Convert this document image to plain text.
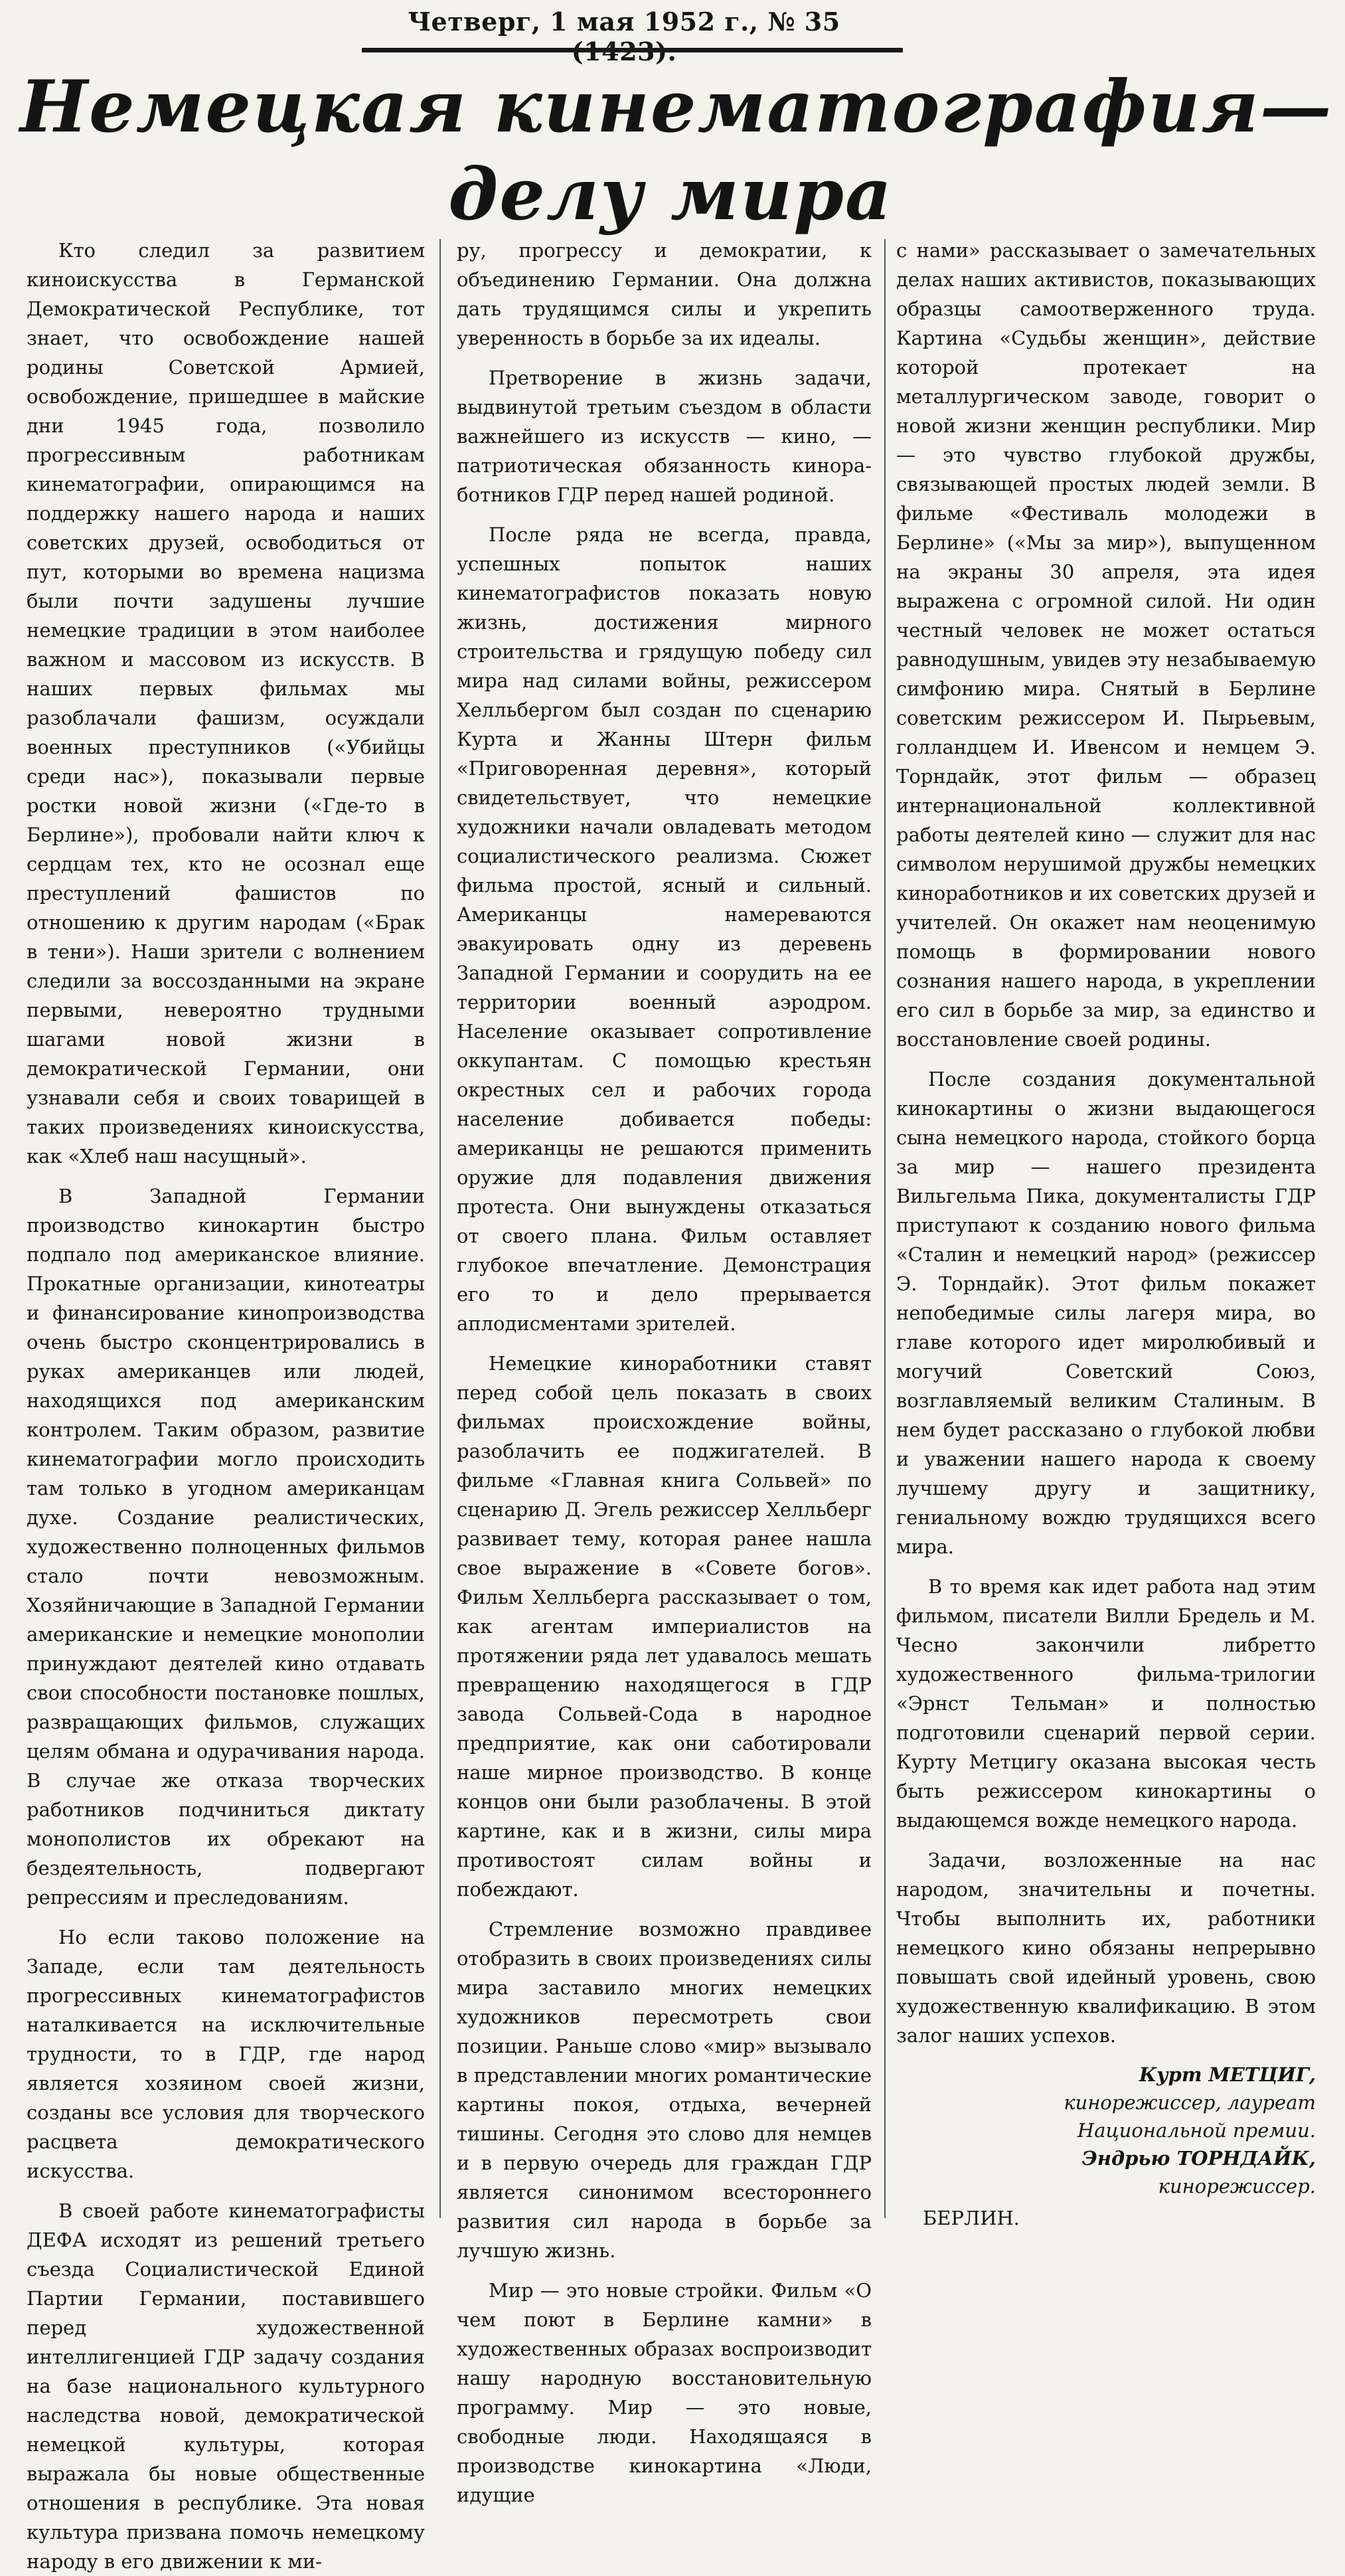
Четверг, 1 мая 1952 г., № 35
Немецкая кинематография—
делу мира

Кто следил за развитием киноискусства в Германской Демократической Республике, тот знает, что освобождение нашей родины Советской Армией, освобождение, пришедшее в майские дни 1945 года, позволило прогрессивным работникам кинематографии, опирающимся на поддержку нашего народа и наших советских друзей, освободиться от пут, которыми во времена нацизма были почти задушены лучшие немецкие традиции в этом наиболее важном и массовом из искусств. В наших первых фильмах мы разоблачали фашизм, осуждали военных преступников («Убийцы среди нас»), показывали первые ростки новой жизни («Где-то в Берлине»), пробовали найти ключ к сердцам тех, кто не осознал еще преступлений фашистов по отношению к другим народам («Брак в тени»). Наши зрители с волнением следили за воссозданными на экране первыми, невероятно трудными шагами новой жизни в демократической Германии, они узнавали себя и своих товарищей в таких произведениях киноискусства, как «Хлеб наш насущный».

В Западной Германии производство кинокартин быстро подпало под американское влияние. Прокатные организации, кинотеатры и финансирование кинопроизводства очень быстро сконцентрировались в руках американцев или людей, находящихся под американским контролем. Таким образом, развитие кинематографии могло происходить там только в угодном американцам духе. Создание реалистических, художественно полноценных фильмов стало почти невозможным. Хозяйничающие в Западной Германии американские и немецкие монополии принуждают деятелей кино отдавать свои способности постановке пошлых, развращающих фильмов, служащих целям обмана и одурачивания народа. В случае же отказа творческих работников подчиниться диктату монополистов их обрекают на бездеятельность, подвергают репрессиям и преследованиям.

Но если таково положение на Западе, если там деятельность прогрессивных кинематографистов наталкивается на исключительные трудности, то в ГДР, где народ является хозяином своей жизни, созданы все условия для творческого расцвета демократического искусства.

В своей работе кинематографисты ДЕФА исходят из решений третьего съезда Социалистической Единой Партии Германии, поставившего перед художественной интеллигенцией ГДР задачу создания на базе национального культурного наследства новой, демократической немецкой культуры, которая выражала бы новые общественные отношения в республике. Эта новая культура призвана помочь немецкому народу в его движении к ми-

ру, прогрессу и демократии, к объединению Германии. Она должна дать трудящимся силы и укрепить уверенность в борьбе за их идеалы.

Претворение в жизнь задачи, выдвинутой третьим съездом в области важнейшего из искусств — кино, — патриотическая обязанность кинора-ботников ГДР перед нашей родиной.

После ряда не всегда, правда, успешных попыток наших кинематографистов показать новую жизнь, достижения мирного строительства и грядущую победу сил мира над силами войны, режиссером Хелльбергом был создан по сценарию Курта и Жанны Штерн фильм «Приговоренная деревня», который свидетельствует, что немецкие художники начали овладевать методом социалистического реализма. Сюжет фильма простой, ясный и сильный. Американцы намереваются эвакуировать одну из деревень Западной Германии и соорудить на ее территории военный аэродром. Население оказывает сопротивление оккупантам. С помощью крестьян окрестных сел и рабочих города население добивается победы: американцы не решаются применить оружие для подавления движения протеста. Они вынуждены отказаться от своего плана. Фильм оставляет глубокое впечатление. Демонстрация его то и дело прерывается аплодисментами зрителей.

Немецкие кинoработники ставят перед собой цель показать в своих фильмах происхождение войны, разоблачить ее поджигателей. В фильме «Главная книга Сольвей» по сценарию Д. Эгель режиссер Хелльберг развивает тему, которая ранее нашла свое выражение в «Совете богов». Фильм Хелльберга рассказывает о том, как агентам империалистов на протяжении ряда лет удавалось мешать превращению находящегося в ГДР завода Сольвей-Сода в народное предприятие, как они саботировали наше мирное производство. В конце концов они были разоблачены. В этой картине, как и в жизни, силы мира противостоят силам войны и побеждают.

Стремление возможно правдивее отобразить в своих произведениях силы мира заставило многих немецких художников пересмотреть свои позиции. Раньше слово «мир» вызывало в представлении многих романтические картины покоя, отдыха, вечерней тишины. Сегодня это слово для немцев и в первую очередь для граждан ГДР является синонимом всестороннего развития сил народа в борьбе за лучшую жизнь.

Мир — это новые стройки. Фильм «О чем поют в Берлине камни» в художественных образах воспроизводит нашу народную восстановительную программу. Мир — это новые, свободные люди. Находящаяся в производстве кинокартина «Люди, идущие

с нами» рассказывает о замечательных делах наших активистов, показывающих образцы самоотверженного труда. Картина «Судьбы женщин», действие которой протекает на металлургическом заводе, говорит о новой жизни женщин республики. Мир — это чувство глубокой дружбы, связывающей простых людей земли. В фильме «Фестиваль молодежи в Берлине» («Мы за мир»), выпущенном на экраны 30 апреля, эта идея выражена с огромной силой. Ни один честный человек не может остаться равнодушным, увидев эту незабываемую симфонию мира. Снятый в Берлине советским режиссером И. Пырьевым, голландцем И. Ивенсом и немцем Э. Торндайк, этот фильм — образец интернациональной коллективной работы деятелей кино — служит для нас символом нерушимой дружбы немецких кинoработников и их советских друзей и учителей. Он окажет нам неоценимую помощь в формировании нового сознания нашего народа, в укреплении его сил в борьбе за мир, за единство и восстановление своей родины.

После создания документальной кинокартины о жизни выдающегося сына немецкого народа, стойкого борца за мир — нашего президента Вильгельма Пика, документалисты ГДР приступают к созданию нового фильма «Сталин и немецкий народ» (режиссер Э. Торндайк). Этот фильм покажет непобедимые силы лагеря мира, во главе которого идет миролюбивый и могучий Советский Союз, возглавляемый великим Сталиным. В нем будет рассказано о глубокой любви и уважении нашего народа к своему лучшему другу и защитнику, гениальному вождю трудящихся всего мира.

В то время как идет работа над этим фильмом, писатели Вилли Бредель и М. Чесно закончили либретто художественного фильма-трилогии «Эрнст Тельман» и полностью подготовили сценарий первой серии. Курту Метцигу оказана высокая честь быть режиссером кинокартины о выдающемся вожде немецкого народа.

Задачи, возложенные на нас народом, значительны и почетны. Чтобы выполнить их, работники немецкого кино обязаны непрерывно повышать свой идейный уровень, свою художественную квалификацию. В этом залог наших успехов.

Курт МЕТЦИГ,
кинорежиссер, лауреат Национальной премии.
Эндрью ТОРНДАЙК,
кинорежиссер.
БЕРЛИН.
